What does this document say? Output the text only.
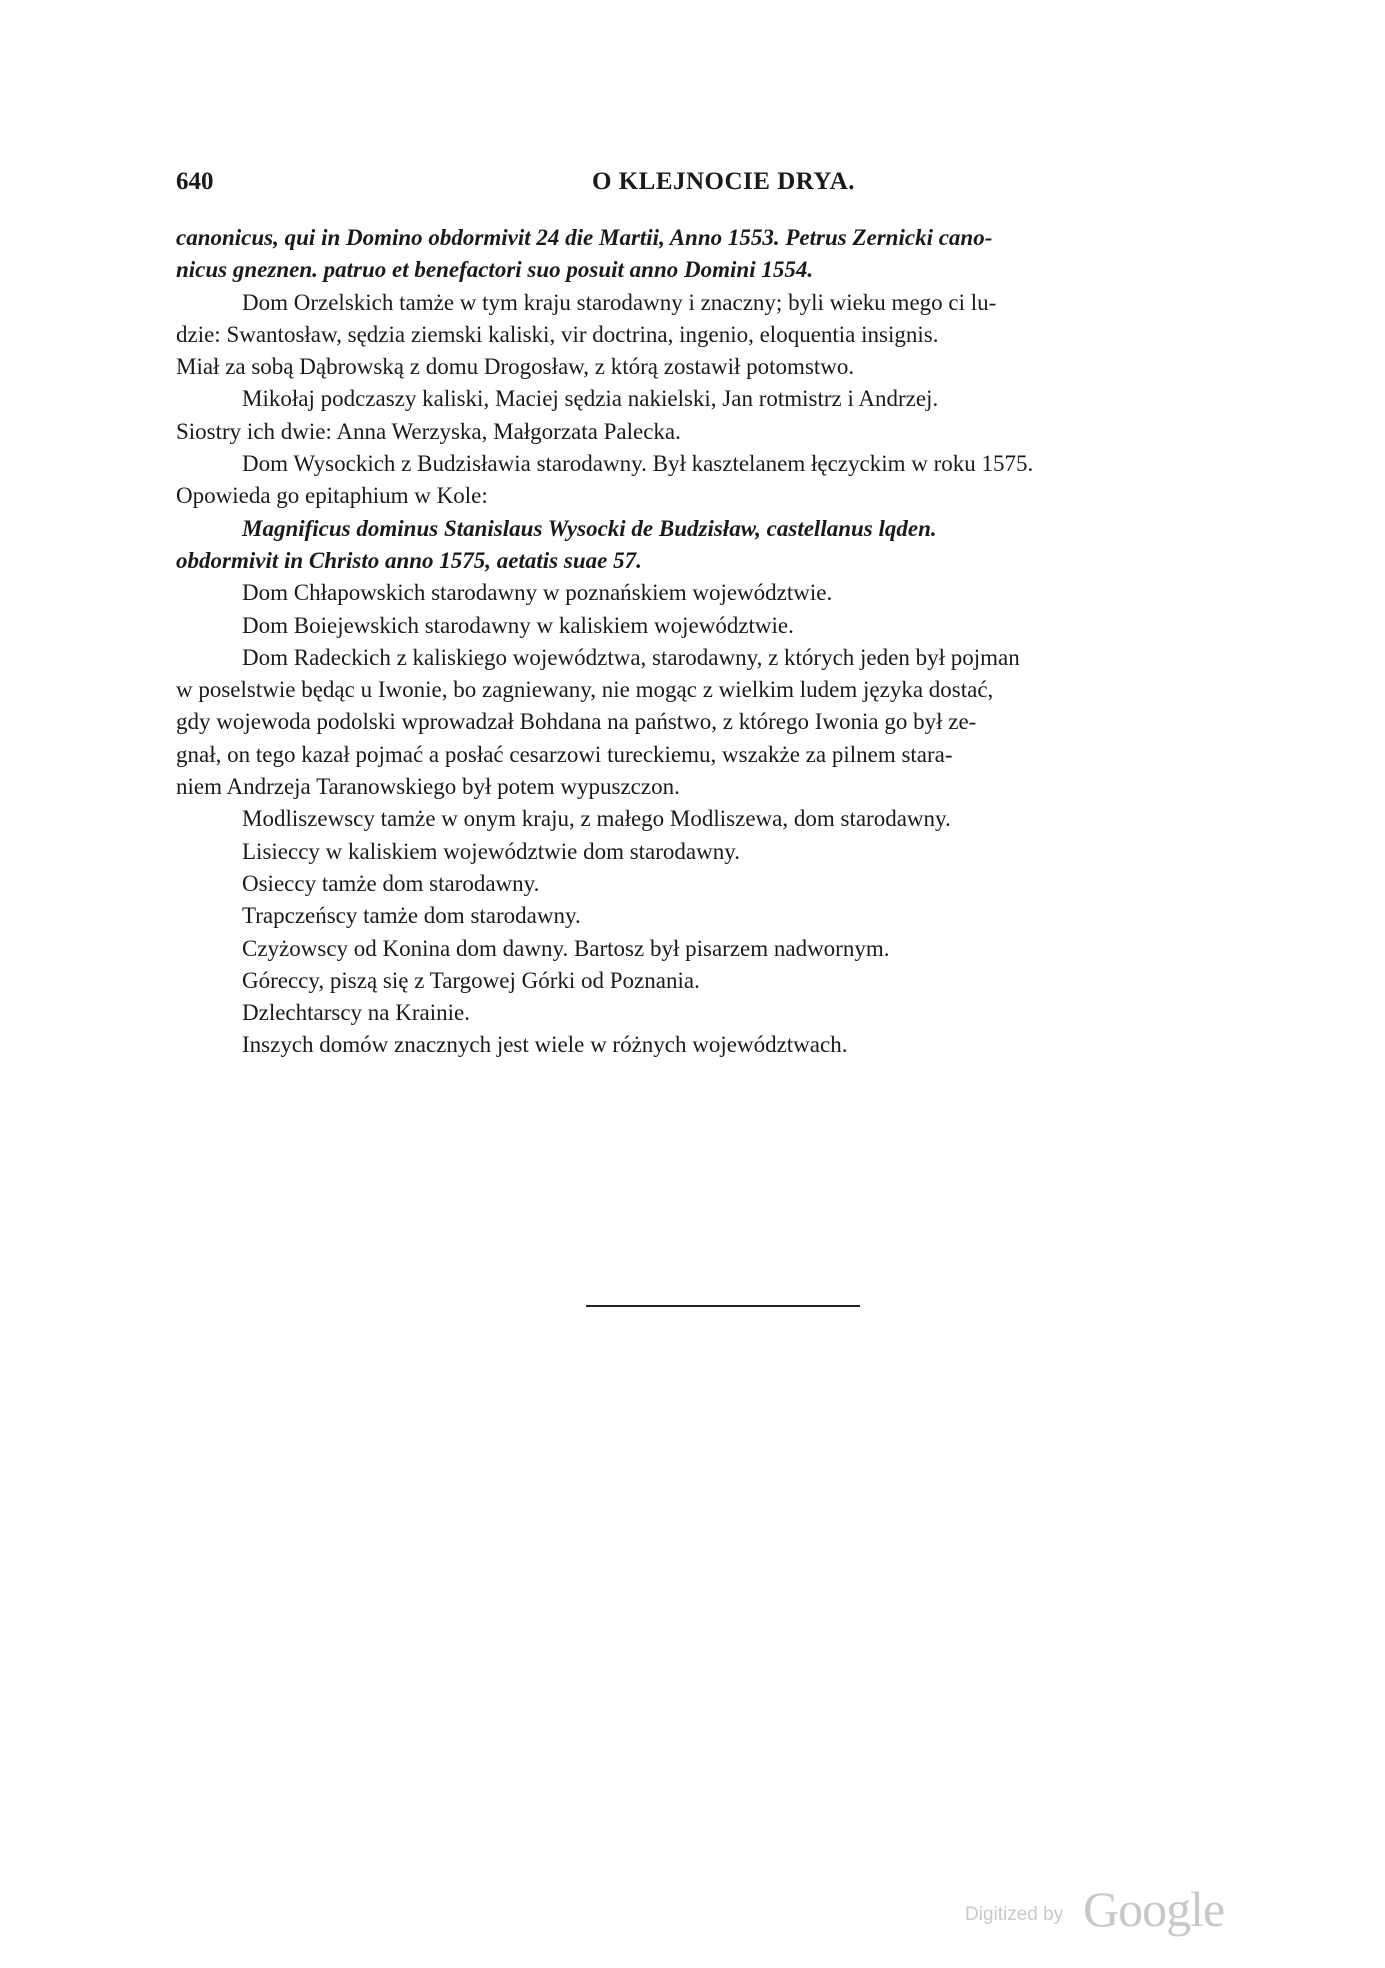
640	O KLEJNOCIE DRYA.
canonicus, qui in Domino obdormivit 24 die Martii, Anno 1553. Petrus Zernicki cano-
nicus gneznen. patruo et benefactori suo posuit anno Domini 1554.
Dom Orzelskich tamże w tym kraju starodawny i znaczny; byli wieku mego ci lu-
dzie: Swantosław, sędzia ziemski kaliski, vir doctrina, ingenio, eloquentia insignis.
Miał za sobą Dąbrowską z domu Drogosław, z którą zostawił potomstwo.
Mikołaj podczaszy kaliski, Maciej sędzia nakielski, Jan rotmistrz i Andrzej.
Siostry ich dwie: Anna Werzyska, Małgorzata Palecka.
Dom Wysockich z Budzisławia starodawny. Był kasztelanem łęczyckim w roku 1575.
Opowieda go epitaphium w Kole:
Magnificus dominus Stanislaus Wysocki de Budzisław, castellanus lqden.
obdormivit in Christo anno 1575, aetatis suae 57.
Dom Chłapowskich starodawny w poznańskiem województwie.
Dom Boiejewskich starodawny w kaliskiem województwie.
Dom Radeckich z kaliskiego województwa, starodawny, z których jeden był pojman
w poselstwie będąc u Iwonie, bo zagniewany, nie mogąc z wielkim ludem języka dostać,
gdy wojewoda podolski wprowadzał Bohdana na państwo, z którego Iwonia go był ze-
gnał, on tego kazał pojmać a posłać cesarzowi tureckiemu, wszakże za pilnem stara-
niem Andrzeja Taranowskiego był potem wypuszczon.
Modliszewscy tamże w onym kraju, z małego Modliszewa, dom starodawny.
Lisieccy w kaliskiem województwie dom starodawny.
Osieccy tamże dom starodawny.
Trapczeńscy tamże dom starodawny.
Czyżowscy od Konina dom dawny. Bartosz był pisarzem nadwornym.
Góreccy, piszą się z Targowej Górki od Poznania.
Dzlechtarscy na Krainie.
Inszych domów znacznych jest wiele w różnych województwach.
Digitized by Google
